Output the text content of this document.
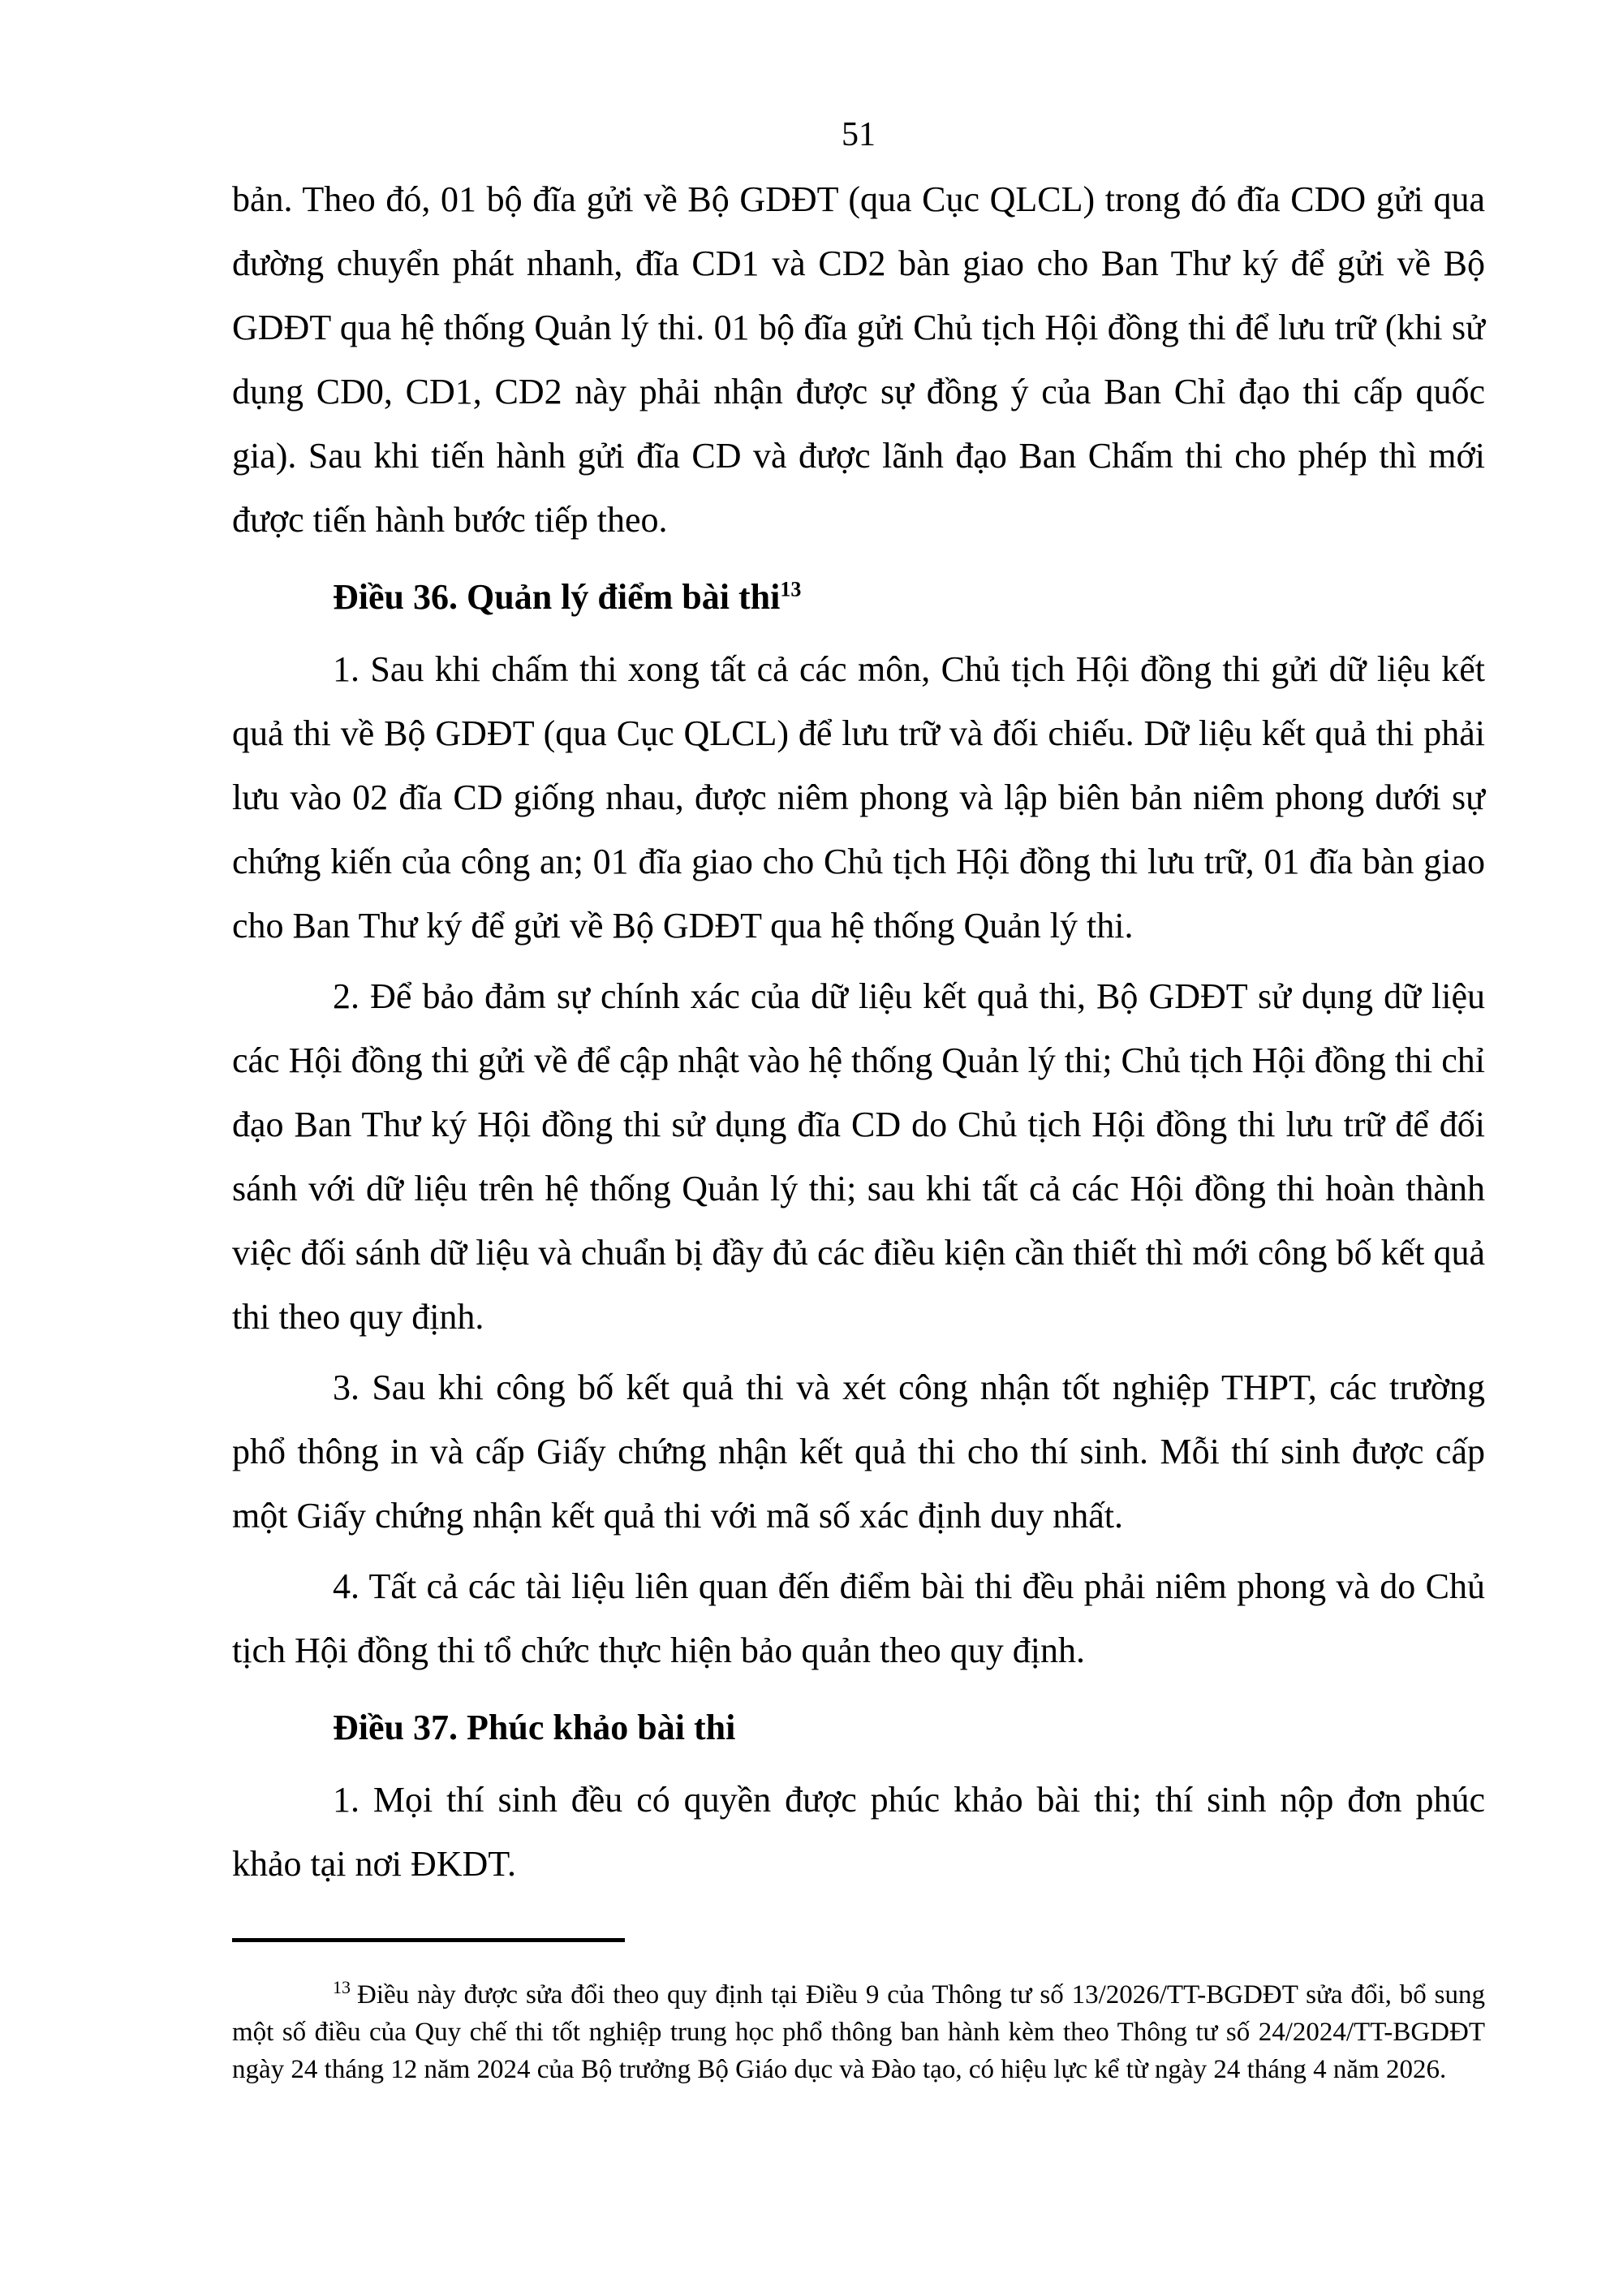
51

bản. Theo đó, 01 bộ đĩa gửi về Bộ GDĐT (qua Cục QLCL) trong đó đĩa CDO gửi qua đường chuyển phát nhanh, đĩa CD1 và CD2 bàn giao cho Ban Thư ký để gửi về Bộ GDĐT qua hệ thống Quản lý thi. 01 bộ đĩa gửi Chủ tịch Hội đồng thi để lưu trữ (khi sử dụng CD0, CD1, CD2 này phải nhận được sự đồng ý của Ban Chỉ đạo thi cấp quốc gia). Sau khi tiến hành gửi đĩa CD và được lãnh đạo Ban Chấm thi cho phép thì mới được tiến hành bước tiếp theo.

Điều 36. Quản lý điểm bài thi$^{13}$

1. Sau khi chấm thi xong tất cả các môn, Chủ tịch Hội đồng thi gửi dữ liệu kết quả thi về Bộ GDĐT (qua Cục QLCL) để lưu trữ và đối chiếu. Dữ liệu kết quả thi phải lưu vào 02 đĩa CD giống nhau, được niêm phong và lập biên bản niêm phong dưới sự chứng kiến của công an; 01 đĩa giao cho Chủ tịch Hội đồng thi lưu trữ, 01 đĩa bàn giao cho Ban Thư ký để gửi về Bộ GDĐT qua hệ thống Quản lý thi.

2. Để bảo đảm sự chính xác của dữ liệu kết quả thi, Bộ GDĐT sử dụng dữ liệu các Hội đồng thi gửi về để cập nhật vào hệ thống Quản lý thi; Chủ tịch Hội đồng thi chỉ đạo Ban Thư ký Hội đồng thi sử dụng đĩa CD do Chủ tịch Hội đồng thi lưu trữ để đối sánh với dữ liệu trên hệ thống Quản lý thi; sau khi tất cả các Hội đồng thi hoàn thành việc đối sánh dữ liệu và chuẩn bị đầy đủ các điều kiện cần thiết thì mới công bố kết quả thi theo quy định.

3. Sau khi công bố kết quả thi và xét công nhận tốt nghiệp THPT, các trường phổ thông in và cấp Giấy chứng nhận kết quả thi cho thí sinh. Mỗi thí sinh được cấp một Giấy chứng nhận kết quả thi với mã số xác định duy nhất.

4. Tất cả các tài liệu liên quan đến điểm bài thi đều phải niêm phong và do Chủ tịch Hội đồng thi tổ chức thực hiện bảo quản theo quy định.

Điều 37. Phúc khảo bài thi

1. Mọi thí sinh đều có quyền được phúc khảo bài thi; thí sinh nộp đơn phúc khảo tại nơi ĐKDT.

$^{13}$ Điều này được sửa đổi theo quy định tại Điều 9 của Thông tư số 13/2026/TT-BGDĐT sửa đổi, bổ sung một số điều của Quy chế thi tốt nghiệp trung học phổ thông ban hành kèm theo Thông tư số 24/2024/TT-BGDĐT ngày 24 tháng 12 năm 2024 của Bộ trưởng Bộ Giáo dục và Đào tạo, có hiệu lực kể từ ngày 24 tháng 4 năm 2026.
